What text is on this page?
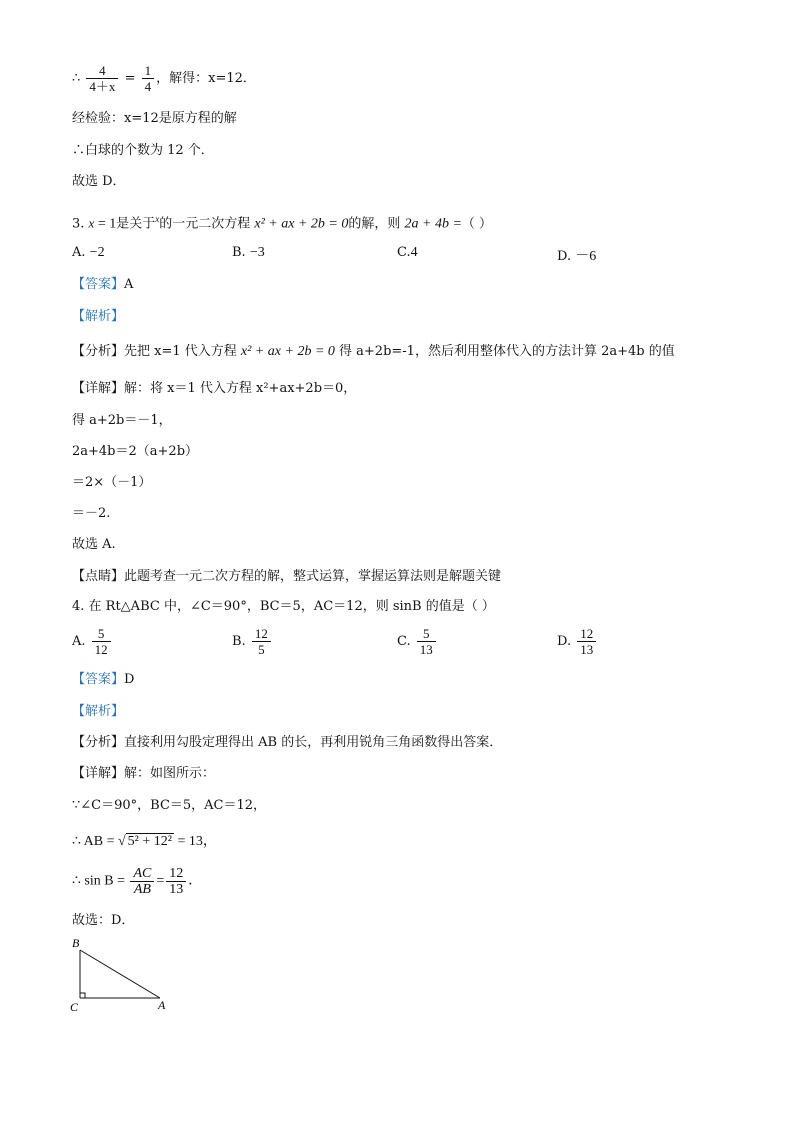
∴ $\frac{4}{4+x} = \frac{1}{4}$ ，解得：x=12．
经检验：x=12是原方程的解
∴白球的个数为 12 个．
故选 D．
3. x = 1是关于$^x$的一元二次方程 x² + ax + 2b = 0的解，则 2a + 4b =（ ）
A. −2	B. −3	C.4	D. －6
【答案】A
【解析】
【分析】先把 x=1 代入方程 x² + ax + 2b = 0 得 a+2b=-1，然后利用整体代入的方法计算 2a+4b 的值
【详解】解：将 x＝1 代入方程 x²+ax+2b＝0，
得 a+2b＝－1，
2a+4b＝2（a+2b）
＝2×（－1）
＝－2.
故选 A.
【点睛】此题考查一元二次方程的解，整式运算，掌握运算法则是解题关键
4. 在 Rt△ABC 中，∠C＝90°，BC＝5，AC＝12，则 sinB 的值是（ ）
A. $\frac{5}{12}$	B. $\frac{12}{5}$	C. $\frac{5}{13}$	D. $\frac{12}{13}$
【答案】D
【解析】
【分析】直接利用勾股定理得出 AB 的长，再利用锐角三角函数得出答案．
【详解】解：如图所示：
∵∠C＝90°，BC＝5，AC＝12，
∴ AB = √ 5² + 12² = 13，
∴ $\sin B = \frac{AC}{AB} = \frac{12}{13}$ ．
故选：D．
B
C	A
